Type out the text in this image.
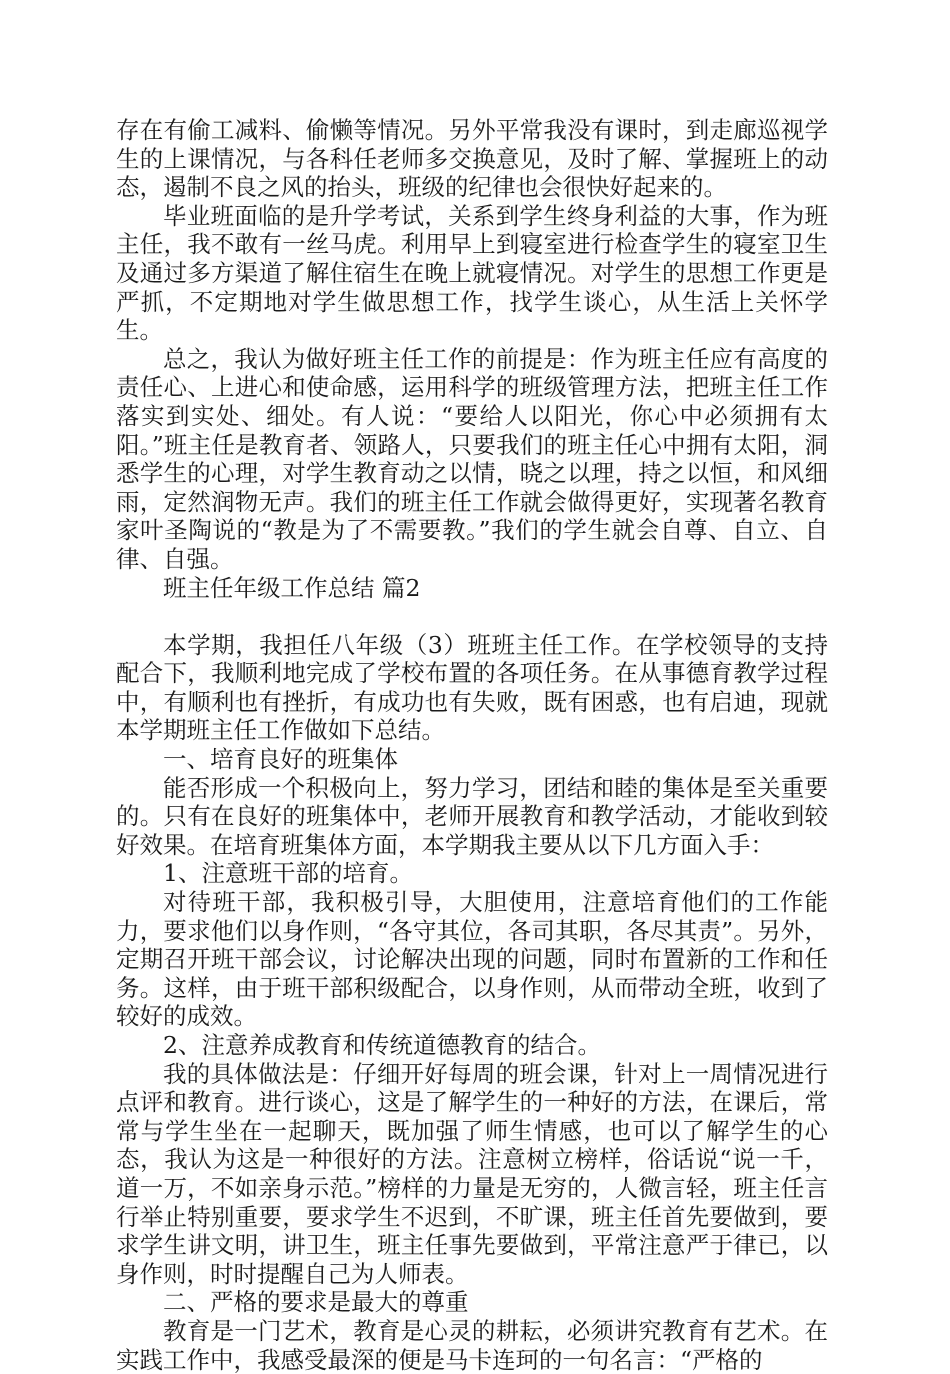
存在有偷工减料、偷懒等情况。另外平常我没有课时，到走廊巡视学生的上课情况，与各科任老师多交换意见，及时了解、掌握班上的动态，遏制不良之风的抬头，班级的纪律也会很快好起来的。

毕业班面临的是升学考试，关系到学生终身利益的大事，作为班主任，我不敢有一丝马虎。利用早上到寝室进行检查学生的寝室卫生及通过多方渠道了解住宿生在晚上就寝情况。对学生的思想工作更是严抓，不定期地对学生做思想工作，找学生谈心，从生活上关怀学生。

总之，我认为做好班主任工作的前提是：作为班主任应有高度的责任心、上进心和使命感，运用科学的班级管理方法，把班主任工作落实到实处、细处。有人说：“要给人以阳光，你心中必须拥有太阳。”班主任是教育者、领路人，只要我们的班主任心中拥有太阳，洞悉学生的心理，对学生教育动之以情，晓之以理，持之以恒，和风细雨，定然润物无声。我们的班主任工作就会做得更好，实现著名教育家叶圣陶说的“教是为了不需要教。”我们的学生就会自尊、自立、自律、自强。

班主任年级工作总结 篇2

本学期，我担任八年级（3）班班主任工作。在学校领导的支持配合下，我顺利地完成了学校布置的各项任务。在从事德育教学过程中，有顺利也有挫折，有成功也有失败，既有困惑，也有启迪，现就本学期班主任工作做如下总结。

一、培育良好的班集体

能否形成一个积极向上，努力学习，团结和睦的集体是至关重要的。只有在良好的班集体中，老师开展教育和教学活动，才能收到较好效果。在培育班集体方面，本学期我主要从以下几方面入手：

1、注意班干部的培育。

对待班干部，我积极引导，大胆使用，注意培育他们的工作能力，要求他们以身作则，“各守其位，各司其职，各尽其责”。另外，定期召开班干部会议，讨论解决出现的问题，同时布置新的工作和任务。这样，由于班干部积级配合，以身作则，从而带动全班，收到了较好的成效。

2、注意养成教育和传统道德教育的结合。

我的具体做法是：仔细开好每周的班会课，针对上一周情况进行点评和教育。进行谈心，这是了解学生的一种好的方法，在课后，常常与学生坐在一起聊天，既加强了师生情感，也可以了解学生的心态，我认为这是一种很好的方法。注意树立榜样，俗话说“说一千，道一万，不如亲身示范。”榜样的力量是无穷的，人微言轻，班主任言行举止特别重要，要求学生不迟到，不旷课，班主任首先要做到，要求学生讲文明，讲卫生，班主任事先要做到，平常注意严于律已，以身作则，时时提醒自己为人师表。

二、严格的要求是最大的尊重

教育是一门艺术，教育是心灵的耕耘，必须讲究教育有艺术。在实践工作中，我感受最深的便是马卡连珂的一句名言：“严格的
